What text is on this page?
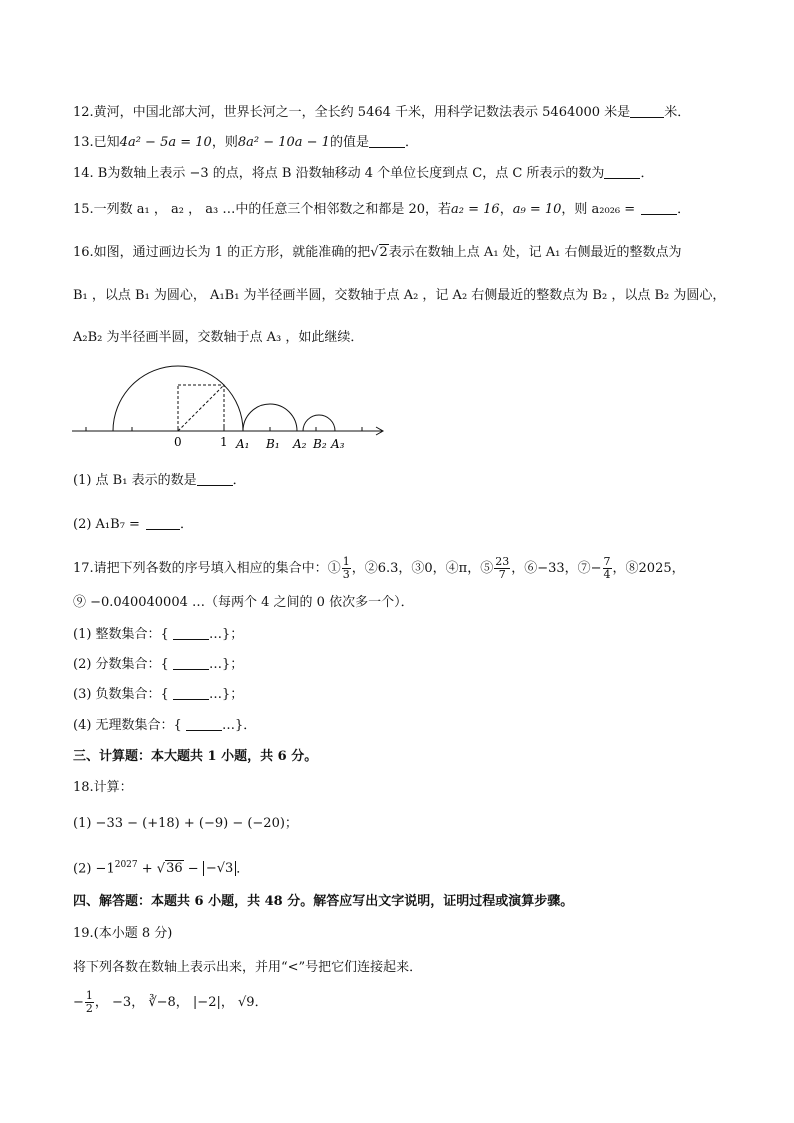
12.黄河，中国北部大河，世界长河之一，全长约 5464 千米，用科学记数法表示 5464000 米是	米．
13.已知4a² − 5a = 10，则8a² − 10a − 1的值是	．
14. B为数轴上表示 −3 的点，将点 B 沿数轴移动 4 个单位长度到点 C，点 C 所表示的数为	．
15.一列数 a₁ ， a₂ ， a₃ …中的任意三个相邻数之和都是 20，若a₂ = 16，a₉ = 10，则 a₂₀₂₆ =	．
16.如图，通过画边长为 1 的正方形，就能准确的把√2表示在数轴上点 A₁ 处，记 A₁ 右侧最近的整数点为
B₁ ，以点 B₁ 为圆心， A₁B₁ 为半径画半圆，交数轴于点 A₂ ，记 A₂ 右侧最近的整数点为 B₂ ，以点 B₂ 为圆心，
A₂B₂ 为半径画半圆，交数轴于点 A₃ ，如此继续．
0	1 A₁ B₁ A₂ B₂ A₃
(1) 点 B₁ 表示的数是	．
(2) A₁B₇ =	．
17.请把下列各数的序号填入相应的集合中：① $\frac{1}{3}$ ，②6.3，③0，④π，⑤ $\frac{23}{7}$ ，⑥−33，⑦− $\frac{7}{4}$ ，⑧2025，
⑨ −0.040040004 …（每两个 4 之间的 0 依次多一个）．
(1) 整数集合：{	…}；
(2) 分数集合：{	…}；
(3) 负数集合：{	…}；
(4) 无理数集合：{	…}．
三、计算题：本大题共 1 小题，共 6 分。
18.计算：
(1) −33 − (+18) + (−9) − (−20)；
$(2) -1^{2027} + √36 - -√3$ ．
四、解答题：本题共 6 小题，共 48 分。解答应写出文字说明，证明过程或演算步骤。
19.(本小题 8 分)
将下列各数在数轴上表示出来，并用“<”号把它们连接起来．
− $\frac{1}{2}$ ， −3， ∛−8， |−2|， √9．
